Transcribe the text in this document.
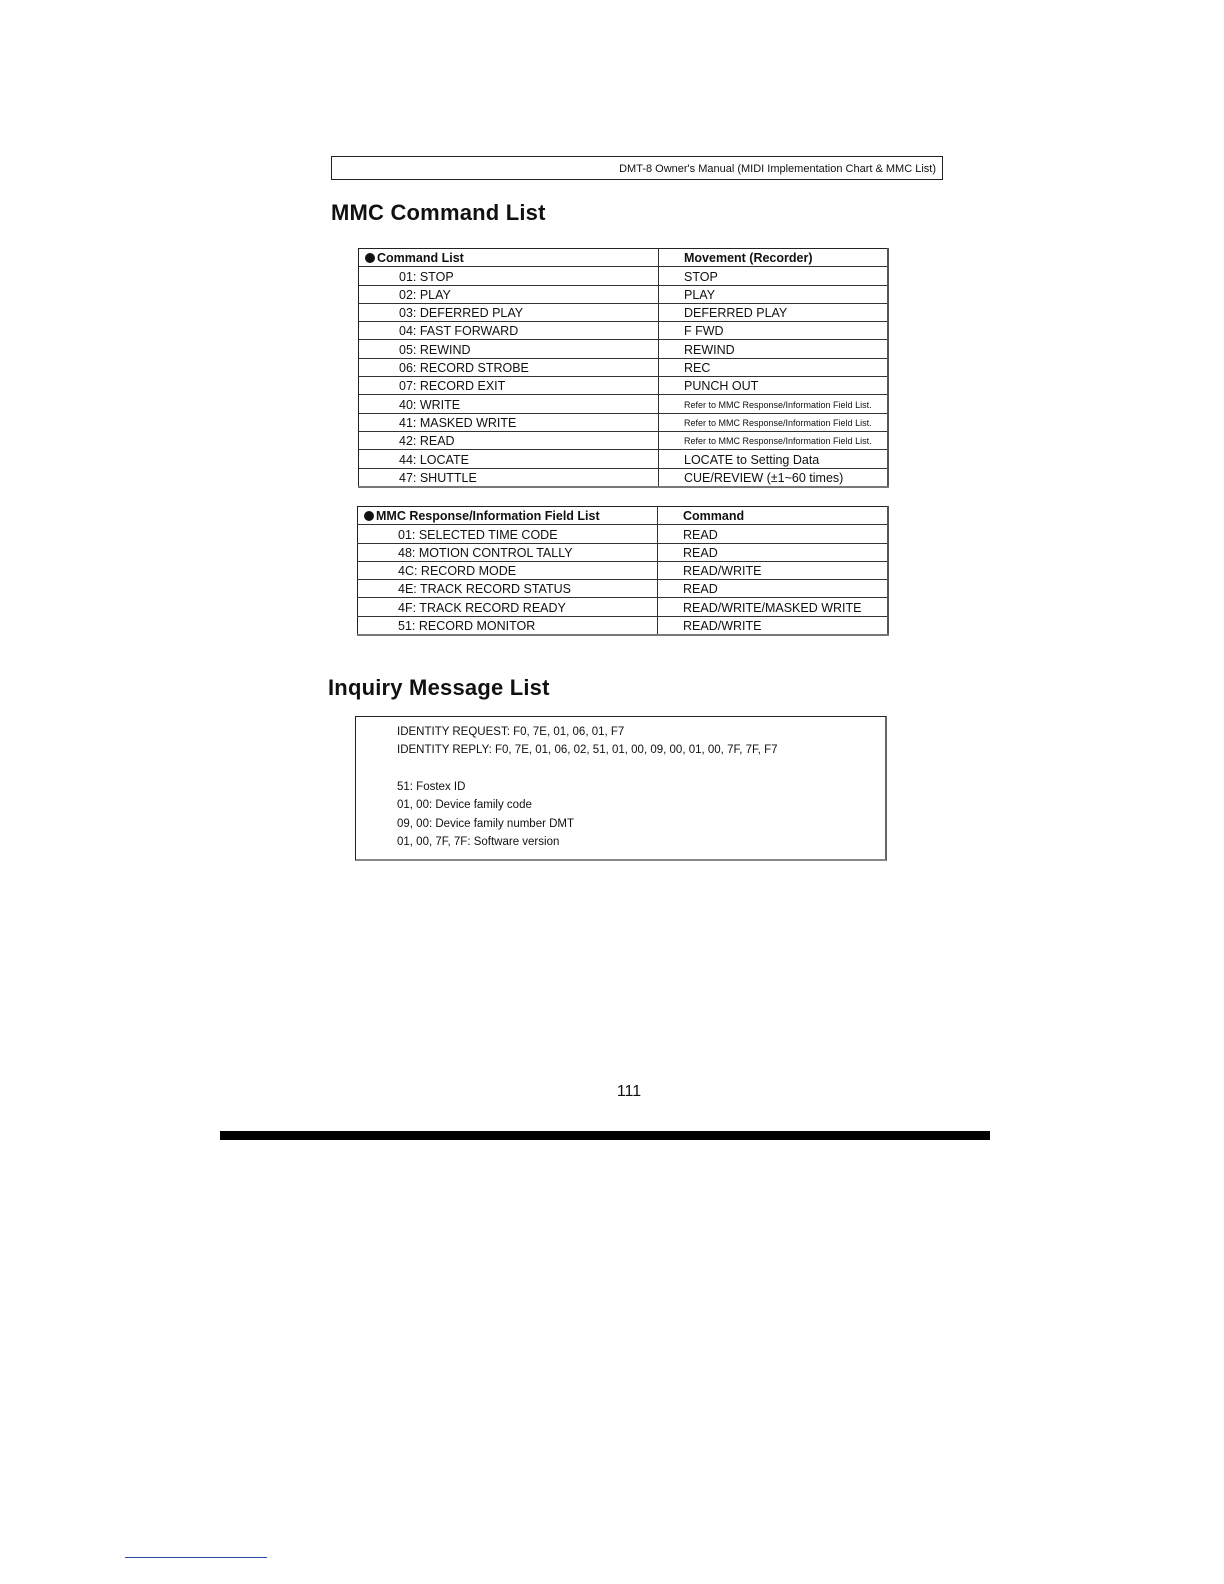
DMT-8 Owner's Manual (MIDI Implementation Chart & MMC List)
MMC Command List
Command List	Movement (Recorder)
01: STOP	STOP
02: PLAY	PLAY
03: DEFERRED PLAY	DEFERRED PLAY
04: FAST FORWARD	F FWD
05: REWIND	REWIND
06: RECORD STROBE	REC
07: RECORD EXIT	PUNCH OUT
40: WRITE	Refer to MMC Response/Information Field List.
41: MASKED WRITE	Refer to MMC Response/Information Field List.
42: READ	Refer to MMC Response/Information Field List.
44: LOCATE	LOCATE to Setting Data
47: SHUTTLE	CUE/REVIEW (±1~60 times)
MMC Response/Information Field List	Command
01: SELECTED TIME CODE	READ
48: MOTION CONTROL TALLY	READ
4C: RECORD MODE	READ/WRITE
4E: TRACK RECORD STATUS	READ
4F: TRACK RECORD READY	READ/WRITE/MASKED WRITE
51: RECORD MONITOR	READ/WRITE
Inquiry Message List
IDENTITY REQUEST: F0, 7E, 01, 06, 01, F7
IDENTITY REPLY: F0, 7E, 01, 06, 02, 51, 01, 00, 09, 00, 01, 00, 7F, 7F, F7
51: Fostex ID
01, 00: Device family code
09, 00: Device family number DMT
01, 00, 7F, 7F: Software version
111
